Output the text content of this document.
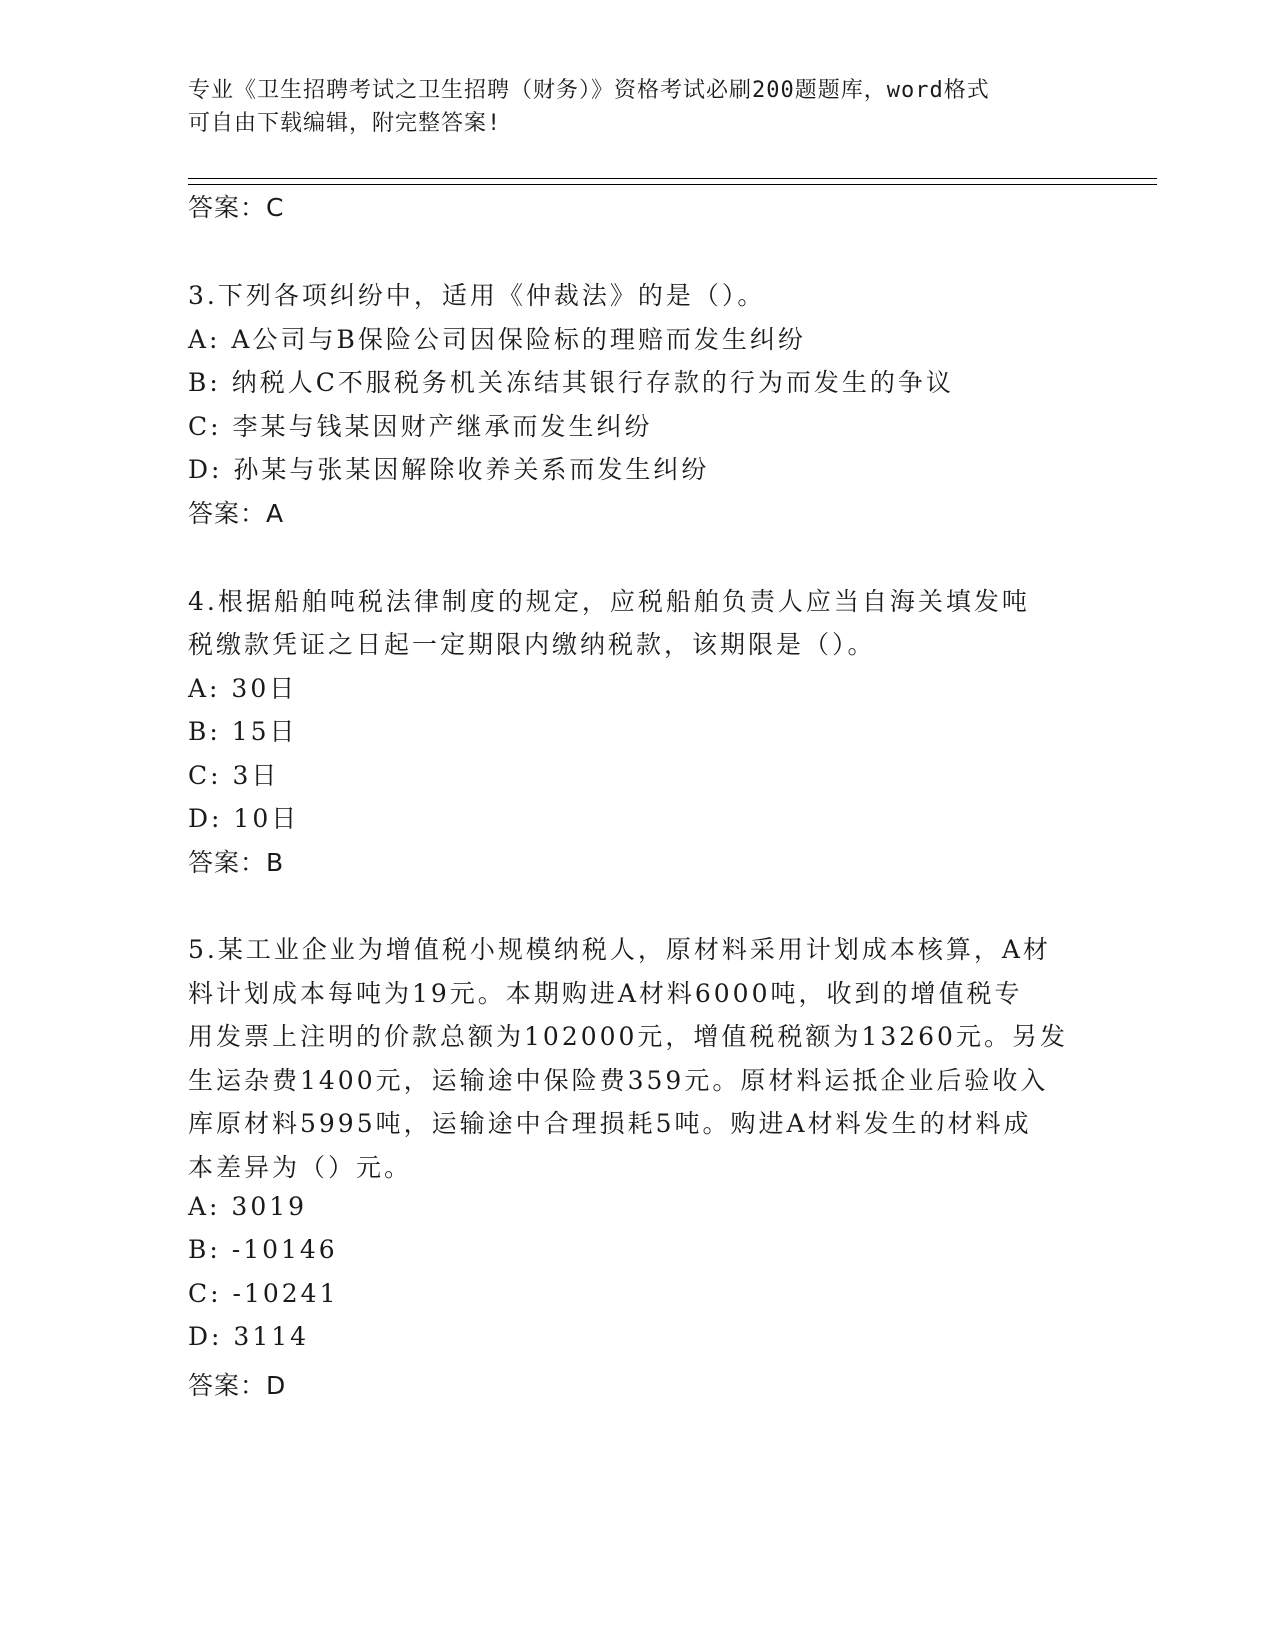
专业《卫生招聘考试之卫生招聘（财务）》资格考试必刷200题题库，word格式
可自由下载编辑，附完整答案!
答案：C
3.下列各项纠纷中，适用《仲裁法》的是（）。
A: A公司与B保险公司因保险标的理赔而发生纠纷
B: 纳税人C不服税务机关冻结其银行存款的行为而发生的争议
C: 李某与钱某因财产继承而发生纠纷
D: 孙某与张某因解除收养关系而发生纠纷
答案：A
4.根据船舶吨税法律制度的规定，应税船舶负责人应当自海关填发吨
税缴款凭证之日起一定期限内缴纳税款，该期限是（）。
A: 30日
B: 15日
C: 3日
D: 10日
答案：B
5.某工业企业为增值税小规模纳税人，原材料采用计划成本核算，A材
料计划成本每吨为19元。本期购进A材料6000吨，收到的增值税专
用发票上注明的价款总额为102000元，增值税税额为13260元。另发
生运杂费1400元，运输途中保险费359元。原材料运抵企业后验收入
库原材料5995吨，运输途中合理损耗5吨。购进A材料发生的材料成
本差异为（）元。
A: 3019
B: -10146
C: -10241
D: 3114
答案：D
